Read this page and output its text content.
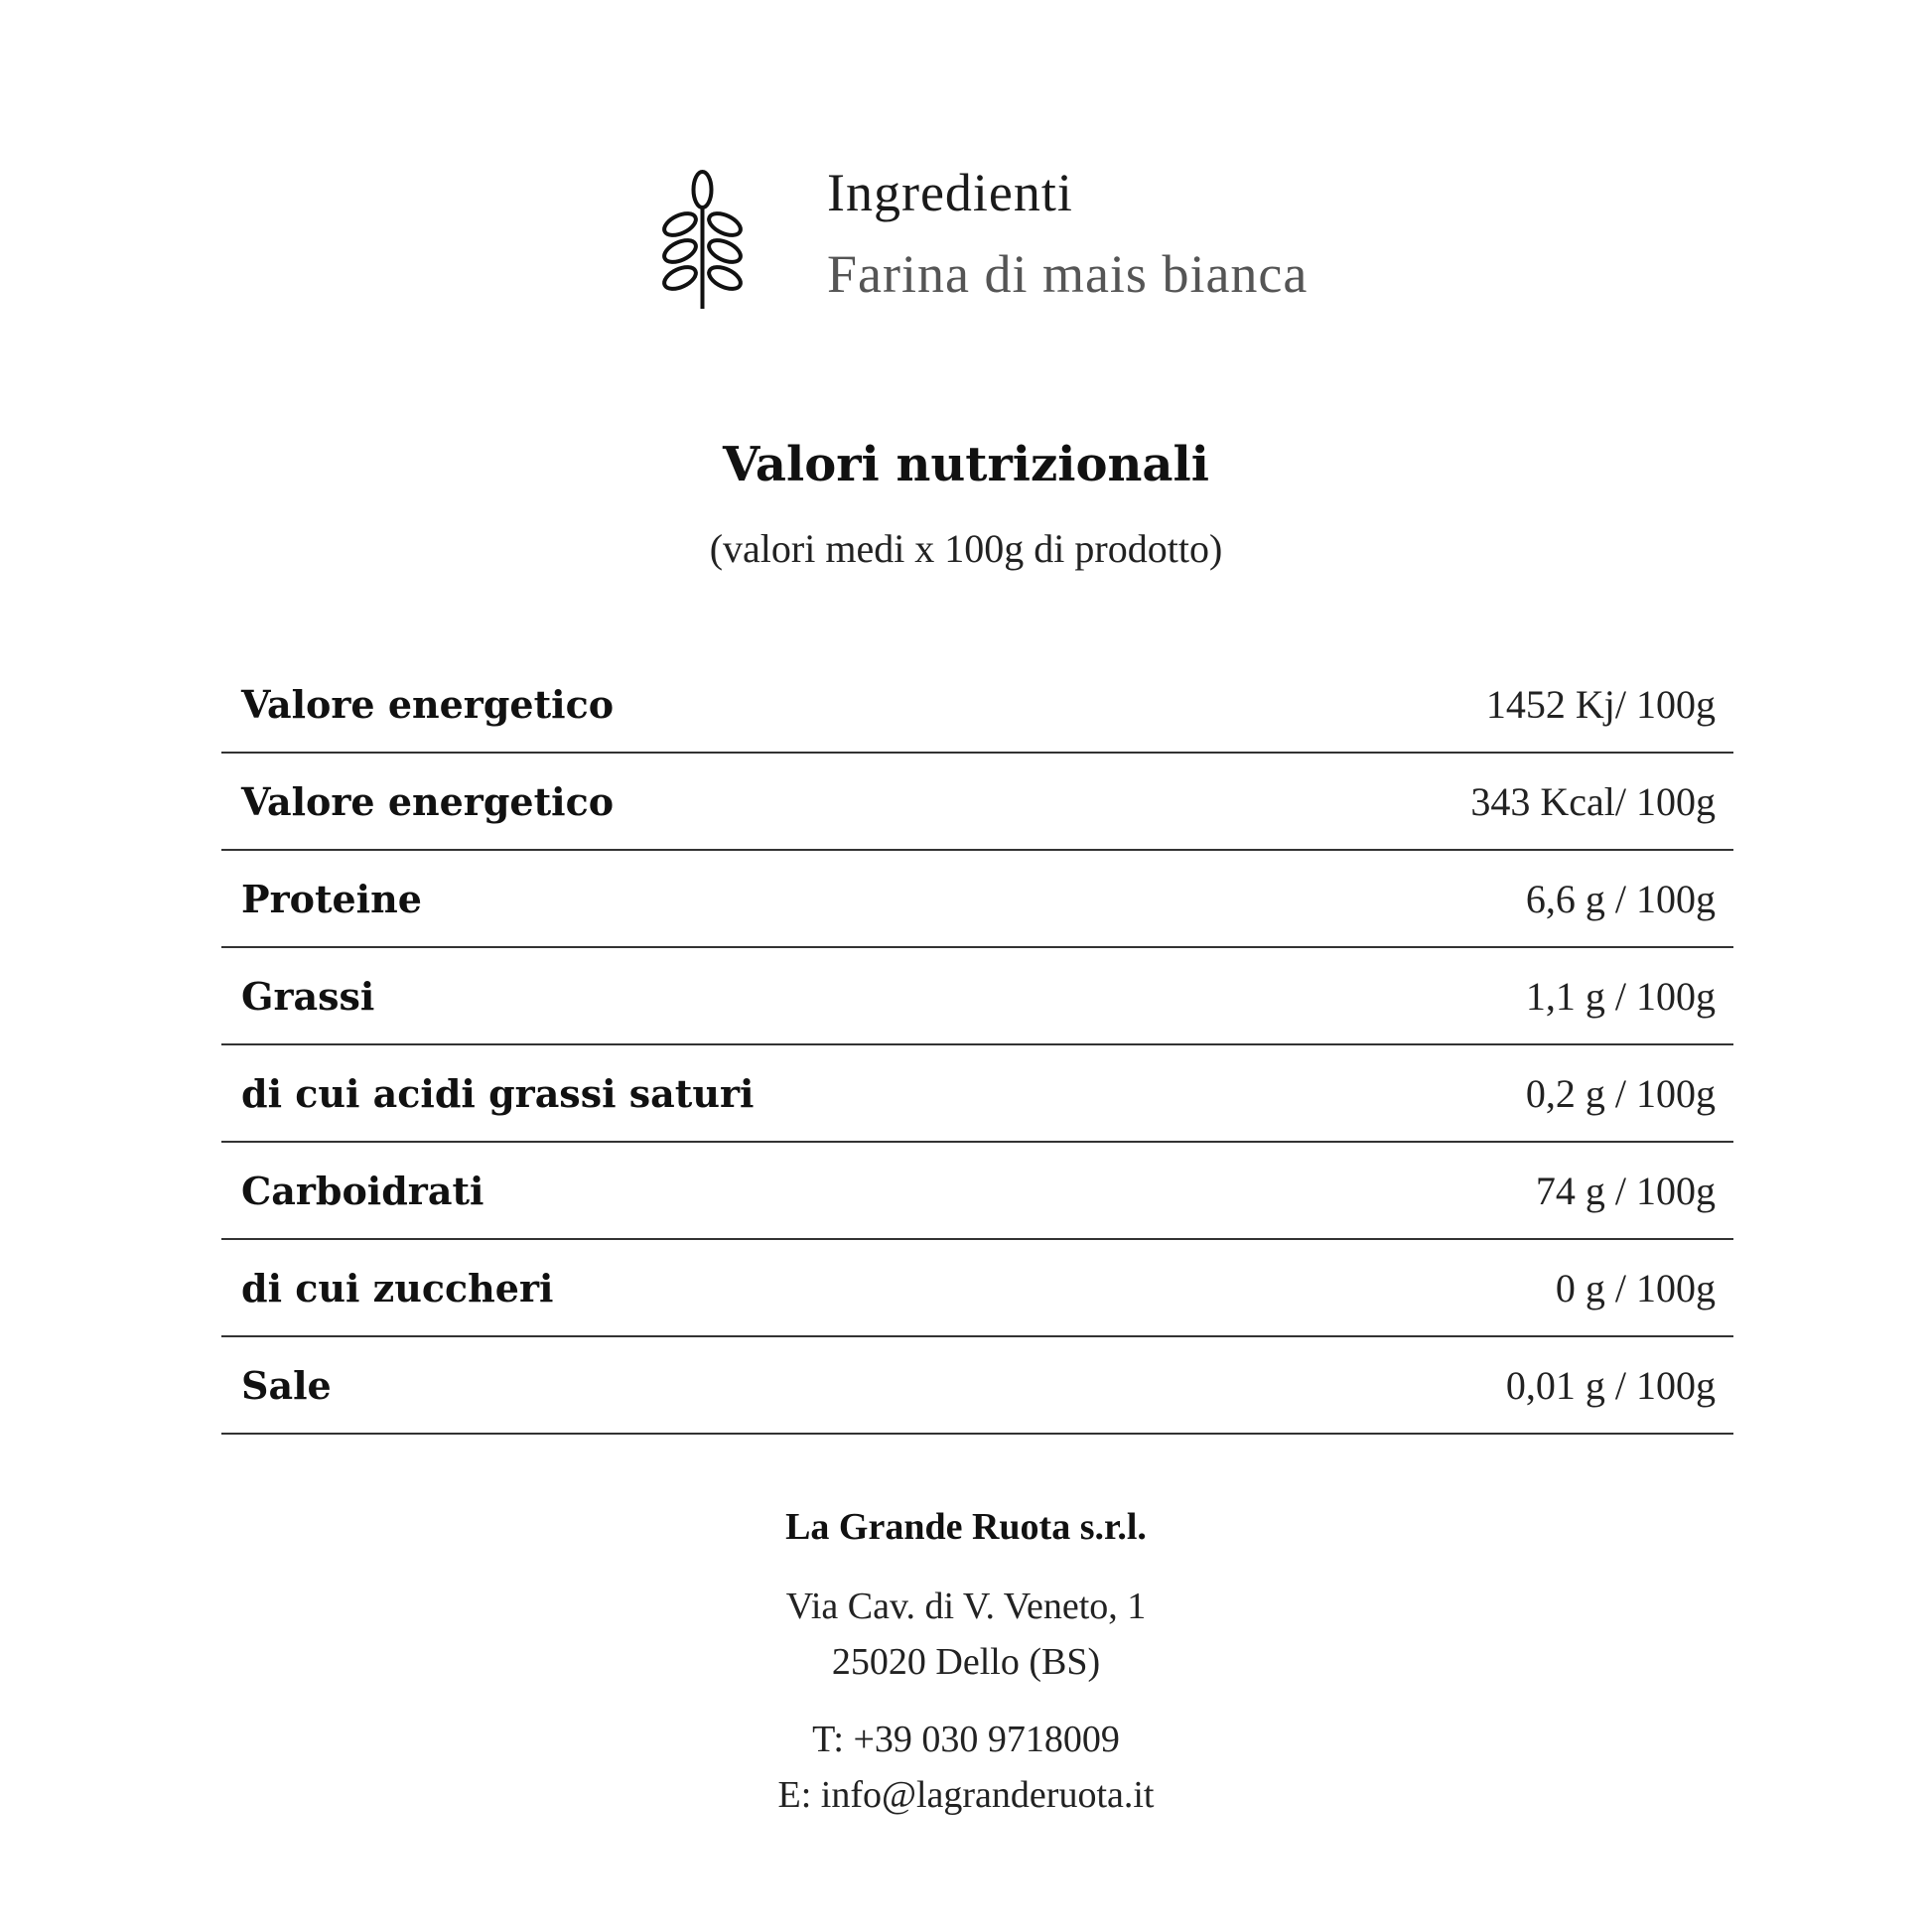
Ingredienti
Farina di mais bianca
Valori nutrizionali
(valori medi x 100g di prodotto)
Valore energetico	1452 Kj/ 100g
Valore energetico	343 Kcal/ 100g
Proteine	6,6 g / 100g
Grassi	1,1 g / 100g
di cui acidi grassi saturi	0,2 g / 100g
Carboidrati	74 g / 100g
di cui zuccheri	0 g / 100g
Sale	0,01 g / 100g
La Grande Ruota s.r.l.
Via Cav. di V. Veneto, 1
25020 Dello (BS)
T: +39 030 9718009
E: info@lagranderuota.it
